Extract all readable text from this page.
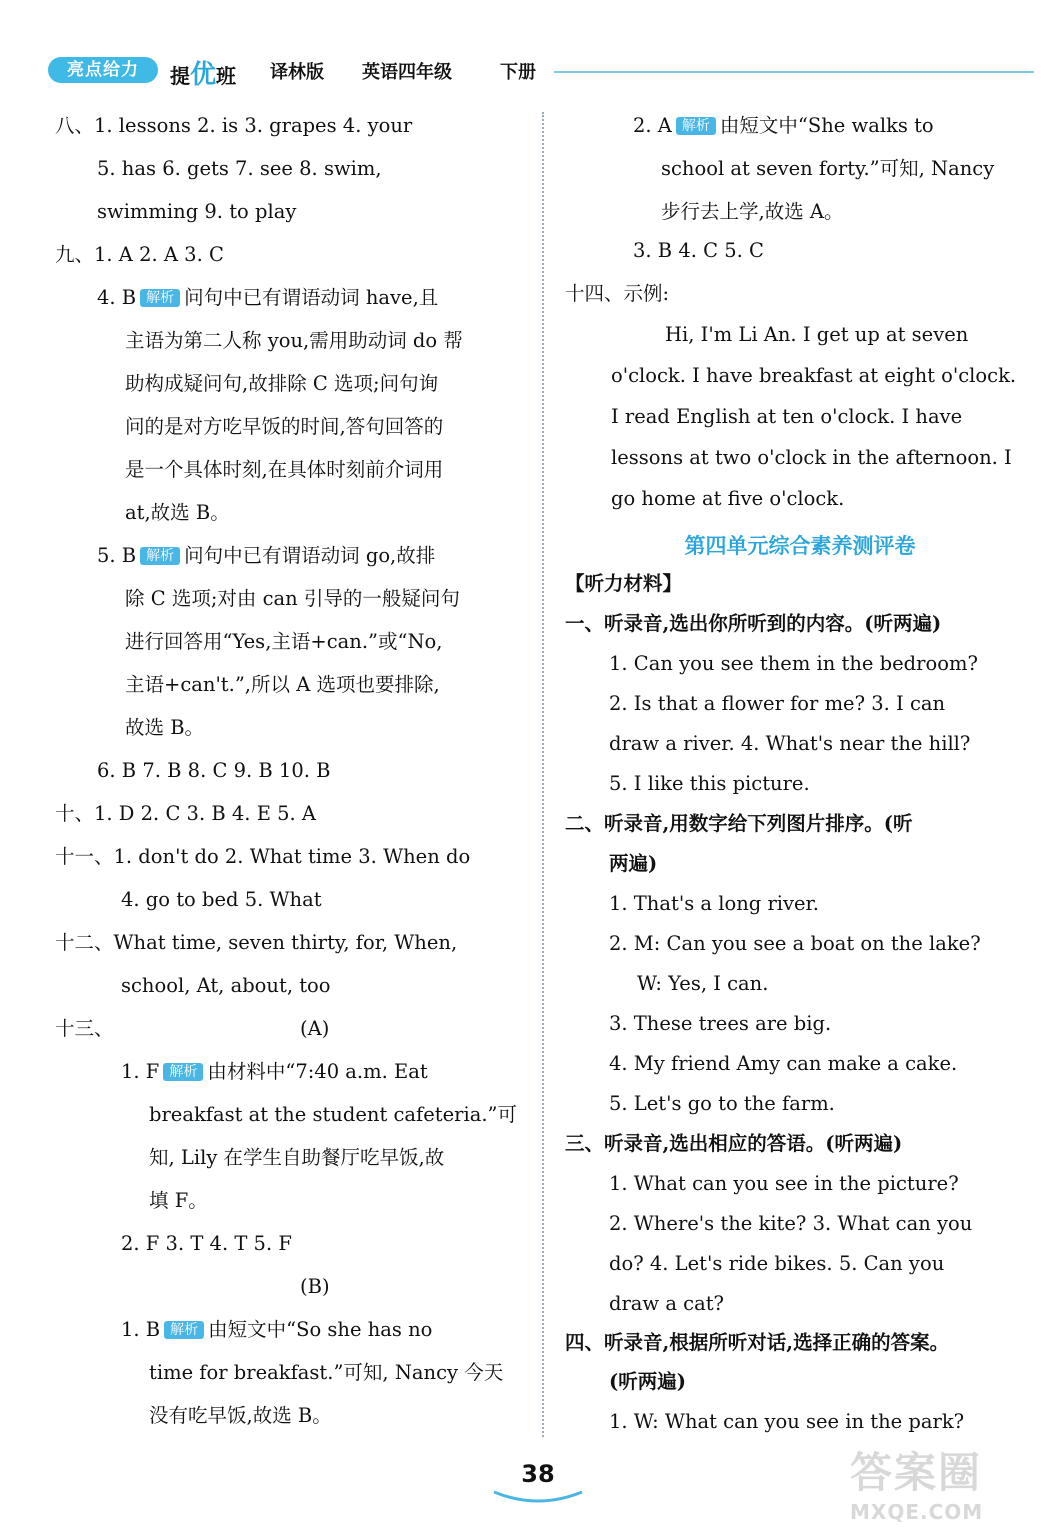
亮点给力	提优班 译林版 英语四年级	下册
八、1. lessons 2. is 3. grapes 4. your
5. has 6. gets 7. see 8. swim,
swimming 9. to play
九、1. A 2. A 3. C
4. B 解析 问句中已有谓语动词 have,且
主语为第二人称 you,需用助动词 do 帮
助构成疑问句,故排除 C 选项;问句询
问的是对方吃早饭的时间,答句回答的
是一个具体时刻,在具体时刻前介词用
at,故选 B。
5. B 解析 问句中已有谓语动词 go,故排
除 C 选项;对由 can 引导的一般疑问句
进行回答用“Yes,主语+can.”或“No,
主语+can't.”,所以 A 选项也要排除,
故选 B。
6. B 7. B 8. C 9. B 10. B
十、1. D 2. C 3. B 4. E 5. A
十一、1. don't do 2. What time 3. When do
4. go to bed 5. What
十二、What time, seven thirty, for, When,
school, At, about, too
十三、	(A)
1. F 解析 由材料中“7:40 a.m. Eat
breakfast at the student cafeteria.”可
知, Lily 在学生自助餐厅吃早饭,故
填 F。
2. F 3. T 4. T 5. F
(B)
1. B 解析 由短文中“So she has no
time for breakfast.”可知, Nancy 今天
没有吃早饭,故选 B。
2. A 解析 由短文中“She walks to
school at seven forty.”可知, Nancy
步行去上学,故选 A。
3. B 4. C 5. C
十四、示例:
Hi, I'm Li An. I get up at seven
o'clock. I have breakfast at eight o'clock.
I read English at ten o'clock. I have
lessons at two o'clock in the afternoon. I
go home at five o'clock.
第四单元综合素养测评卷
【听力材料】
一、听录音,选出你所听到的内容。(听两遍)
1. Can you see them in the bedroom?
2. Is that a flower for me? 3. I can
draw a river. 4. What's near the hill?
5. I like this picture.
二、听录音,用数字给下列图片排序。(听
两遍)
1. That's a long river.
2. M: Can you see a boat on the lake?
W: Yes, I can.
3. These trees are big.
4. My friend Amy can make a cake.
5. Let's go to the farm.
三、听录音,选出相应的答语。(听两遍)
1. What can you see in the picture?
2. Where's the kite? 3. What can you
do? 4. Let's ride bikes. 5. Can you
draw a cat?
四、听录音,根据所听对话,选择正确的答案。
(听两遍)
1. W: What can you see in the park?
38	答案圈
MXQE.COM
